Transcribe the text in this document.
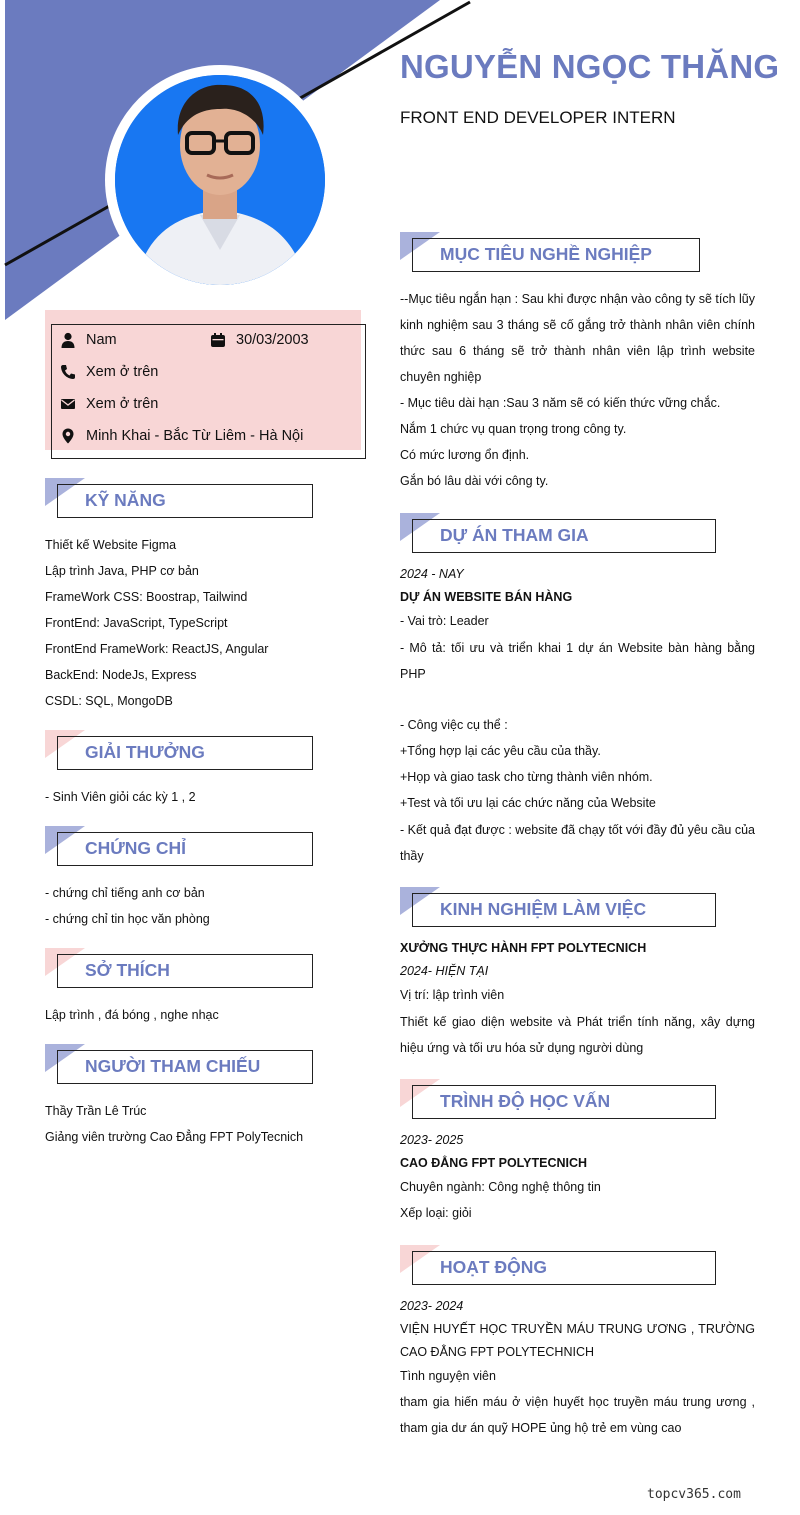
NGUYỄN NGỌC THĂNG
FRONT END DEVELOPER INTERN
Nam	30/03/2003
Xem ở trên
Xem ở trên
Minh Khai - Bắc Từ Liêm - Hà Nội
KỸ NĂNG
Thiết kế Website Figma
Lập trình Java, PHP cơ bản
FrameWork CSS: Boostrap, Tailwind
FrontEnd: JavaScript, TypeScript
FrontEnd FrameWork: ReactJS, Angular
BackEnd: NodeJs, Express
CSDL: SQL, MongoDB
GIẢI THƯỞNG
- Sinh Viên giỏi các kỳ 1 , 2
CHỨNG CHỈ
- chứng chỉ tiếng anh cơ bản
- chứng chỉ tin học văn phòng
SỞ THÍCH
Lập trình , đá bóng , nghe nhạc
NGƯỜI THAM CHIẾU
Thầy Trần Lê Trúc
Giảng viên trường Cao Đẳng FPT PolyTecnich
MỤC TIÊU NGHỀ NGHIỆP
--Mục tiêu ngắn hạn : Sau khi được nhận vào công ty sẽ tích lũy kinh nghiệm sau 3 tháng sẽ cố gắng trở thành nhân viên chính thức sau 6 tháng sẽ trở thành nhân viên lập trình website chuyên nghiệp
- Mục tiêu dài hạn :Sau 3 năm sẽ có kiến thức vững chắc.
Nắm 1 chức vụ quan trọng trong công ty.
Có mức lương ổn định.
Gắn bó lâu dài với công ty.
DỰ ÁN THAM GIA
2024 - NAY
DỰ ÁN WEBSITE BÁN HÀNG
- Vai trò: Leader
- Mô tả: tối ưu và triển khai 1 dự án Website bàn hàng bằng PHP
- Công việc cụ thể :
+Tổng hợp lại các yêu cầu của thầy.
+Họp và giao task cho từng thành viên nhóm.
+Test và tối ưu lại các chức năng của Website
- Kết quả đạt được : website đã chạy tốt với đầy đủ yêu cầu của thầy
KINH NGHIỆM LÀM VIỆC
XƯỞNG THỰC HÀNH FPT POLYTECNICH
2024- HIỆN TẠI
Vị trí: lập trình viên
Thiết kế giao diện website và Phát triển tính năng, xây dựng hiệu ứng và tối ưu hóa sử dụng người dùng
TRÌNH ĐỘ HỌC VẤN
2023- 2025
CAO ĐẲNG FPT POLYTECNICH
Chuyên ngành: Công nghệ thông tin
Xếp loại: giỏi
HOẠT ĐỘNG
2023- 2024
VIỆN HUYẾT HỌC TRUYỀN MÁU TRUNG ƯƠNG , TRƯỜNG CAO ĐẲNG FPT POLYTECHNICH
Tình nguyện viên
tham gia hiến máu ở viện huyết học truyền máu trung ương , tham gia dư án quỹ HOPE ủng hộ trẻ em vùng cao
topcv365.com
